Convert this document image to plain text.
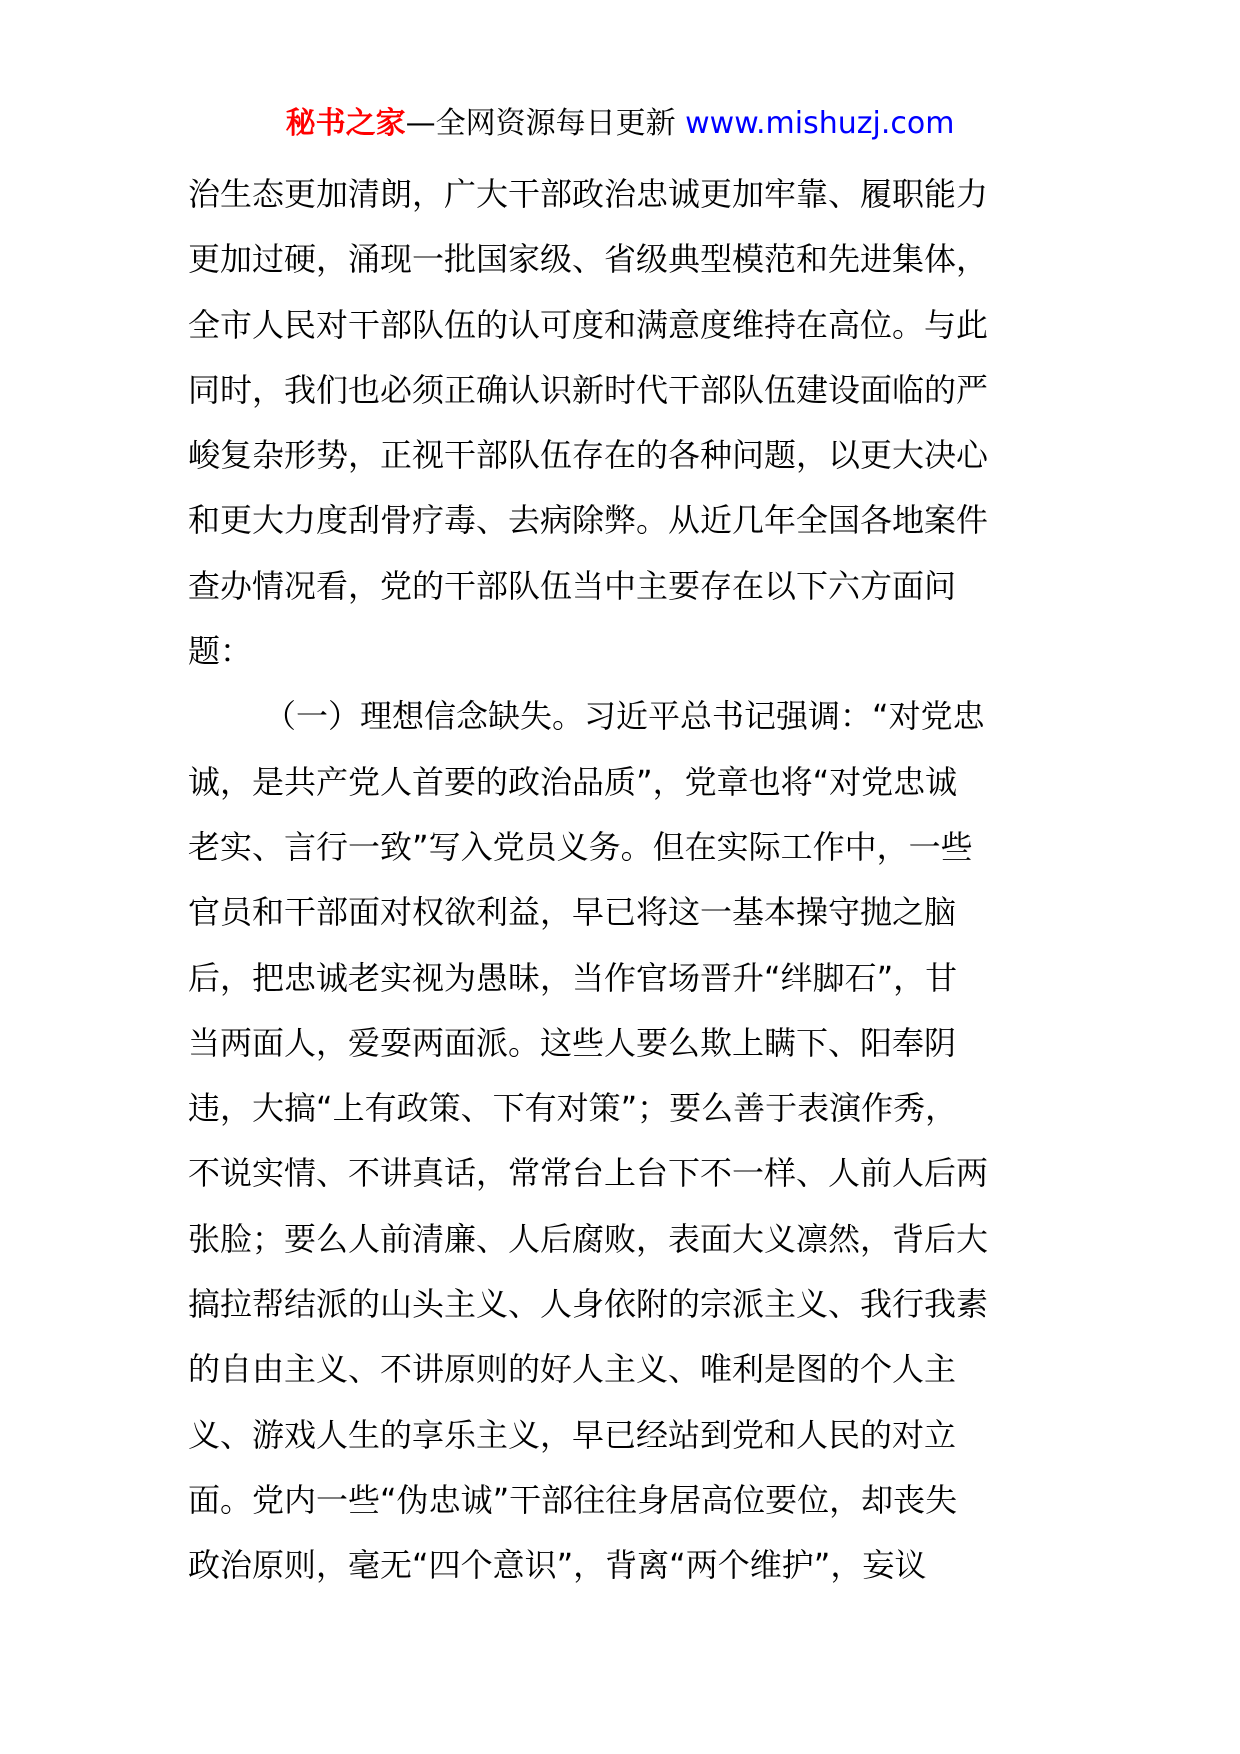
秘书之家—全网资源每日更新 www.mishuzj.com
治生态更加清朗，广大干部政治忠诚更加牢靠、履职能力
更加过硬，涌现一批国家级、省级典型模范和先进集体，
全市人民对干部队伍的认可度和满意度维持在高位。与此
同时，我们也必须正确认识新时代干部队伍建设面临的严
峻复杂形势，正视干部队伍存在的各种问题，以更大决心
和更大力度刮骨疗毒、去病除弊。从近几年全国各地案件
查办情况看，党的干部队伍当中主要存在以下六方面问
题：
（一）理想信念缺失。习近平总书记强调：“对党忠
诚，是共产党人首要的政治品质”，党章也将“对党忠诚
老实、言行一致”写入党员义务。但在实际工作中，一些
官员和干部面对权欲利益，早已将这一基本操守抛之脑
后，把忠诚老实视为愚昧，当作官场晋升“绊脚石”，甘
当两面人，爱耍两面派。这些人要么欺上瞒下、阳奉阴
违，大搞“上有政策、下有对策”；要么善于表演作秀，
不说实情、不讲真话，常常台上台下不一样、人前人后两
张脸；要么人前清廉、人后腐败，表面大义凛然，背后大
搞拉帮结派的山头主义、人身依附的宗派主义、我行我素
的自由主义、不讲原则的好人主义、唯利是图的个人主
义、游戏人生的享乐主义，早已经站到党和人民的对立
面。党内一些“伪忠诚”干部往往身居高位要位，却丧失
政治原则，毫无“四个意识”，背离“两个维护”，妄议
